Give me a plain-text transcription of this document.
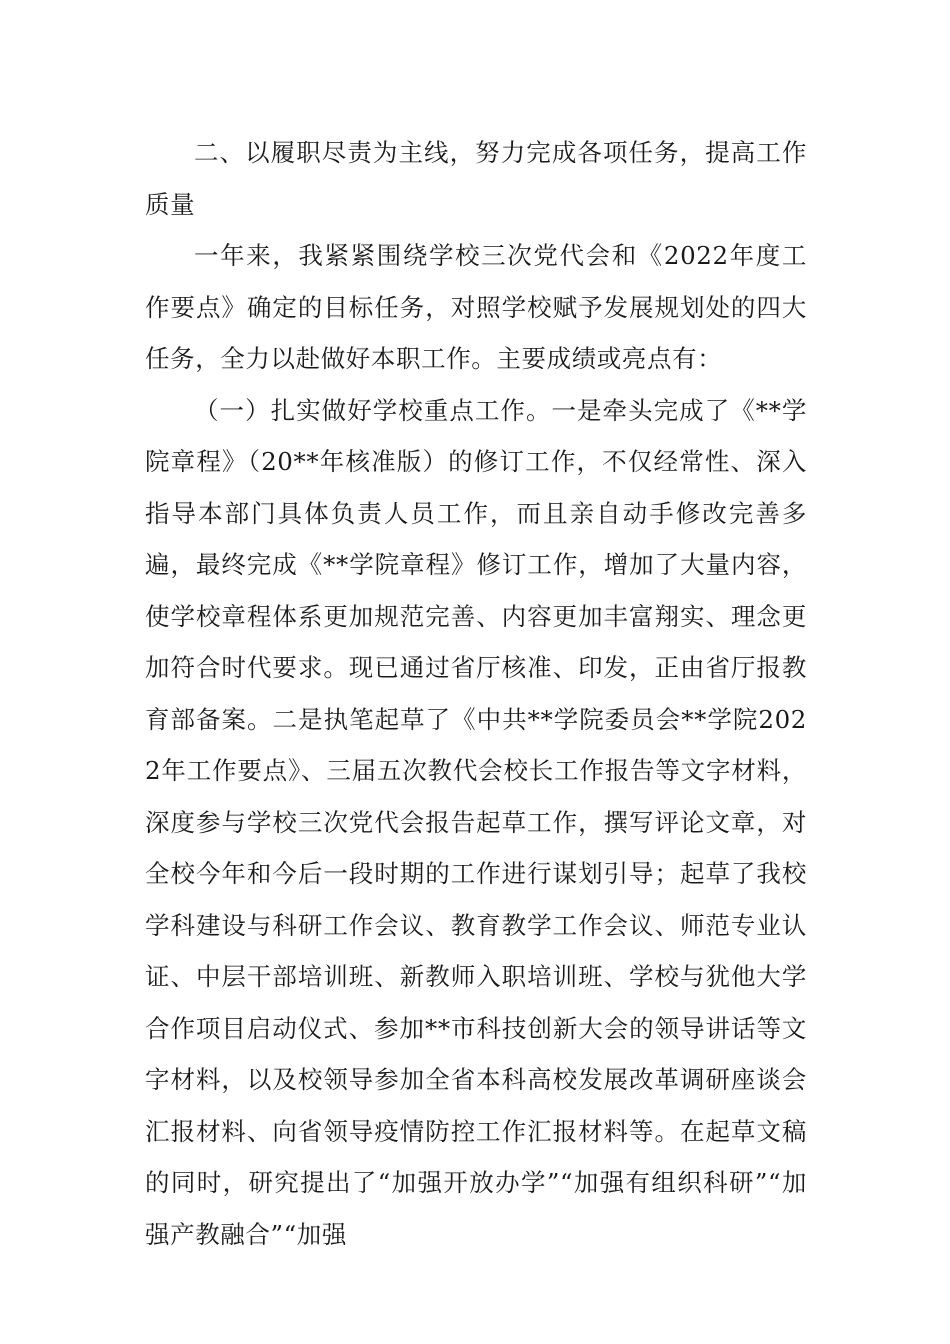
二、以履职尽责为主线，努力完成各项任务，提高工作质量

一年来，我紧紧围绕学校三次党代会和《2022年度工作要点》确定的目标任务，对照学校赋予发展规划处的四大任务，全力以赴做好本职工作。主要成绩或亮点有：

（一）扎实做好学校重点工作。一是牵头完成了《**学院章程》（20**年核准版）的修订工作，不仅经常性、深入指导本部门具体负责人员工作，而且亲自动手修改完善多遍，最终完成《**学院章程》修订工作，增加了大量内容，使学校章程体系更加规范完善、内容更加丰富翔实、理念更加符合时代要求。现已通过省厅核准、印发，正由省厅报教育部备案。二是执笔起草了《中共**学院委员会**学院2022年工作要点》、三届五次教代会校长工作报告等文字材料，深度参与学校三次党代会报告起草工作，撰写评论文章，对全校今年和今后一段时期的工作进行谋划引导；起草了我校学科建设与科研工作会议、教育教学工作会议、师范专业认证、中层干部培训班、新教师入职培训班、学校与犹他大学合作项目启动仪式、参加**市科技创新大会的领导讲话等文字材料，以及校领导参加全省本科高校发展改革调研座谈会汇报材料、向省领导疫情防控工作汇报材料等。在起草文稿的同时，研究提出了“加强开放办学”“加强有组织科研”“加强产教融合”“加强
